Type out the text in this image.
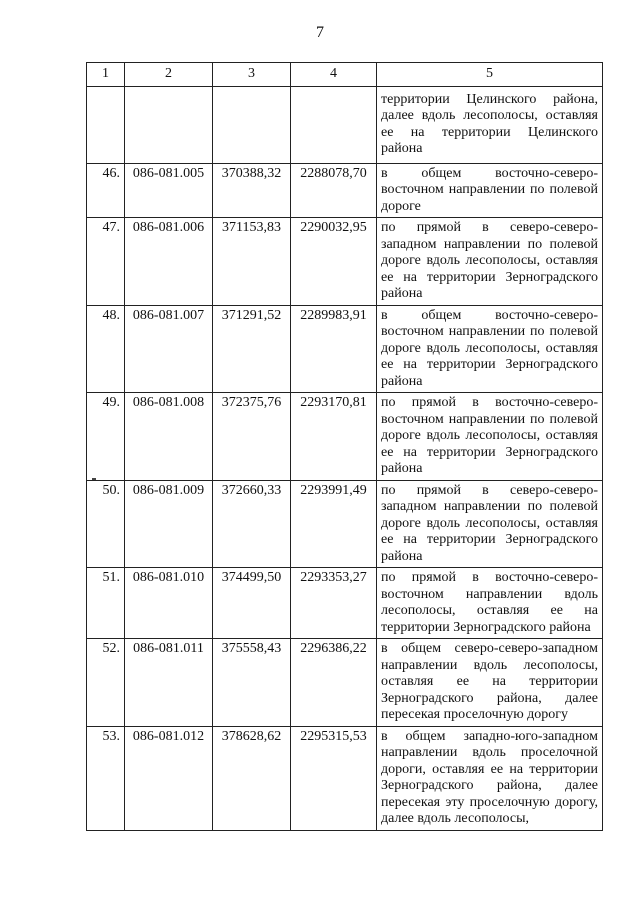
7
1	2	3	4	5
				территории Целинского района, далее вдоль лесополосы, оставляя ее на территории Целинского района
46.	086-081.005	370388,32	2288078,70	в общем восточно-северо-восточном направлении по полевой дороге
47.	086-081.006	371153,83	2290032,95	по прямой в северо-северо-западном направлении по полевой дороге вдоль лесополосы, оставляя ее на территории Зерноградского района
48.	086-081.007	371291,52	2289983,91	в общем восточно-северо-восточном направлении по полевой дороге вдоль лесополосы, оставляя ее на территории Зерноградского района
49.	086-081.008	372375,76	2293170,81	по прямой в восточно-северо-восточном направлении по полевой дороге вдоль лесополосы, оставляя ее на территории Зерноградского района
50.	086-081.009	372660,33	2293991,49	по прямой в северо-северо-западном направлении по полевой дороге вдоль лесополосы, оставляя ее на территории Зерноградского района
51.	086-081.010	374499,50	2293353,27	по прямой в восточно-северо-восточном направлении вдоль лесополосы, оставляя ее на территории Зерноградского района
52.	086-081.011	375558,43	2296386,22	в общем северо-северо-западном направлении вдоль лесополосы, оставляя ее на территории Зерноградского района, далее пересекая проселочную дорогу
53.	086-081.012	378628,62	2295315,53	в общем западно-юго-западном направлении вдоль проселочной дороги, оставляя ее на территории Зерноградского района, далее пересекая эту проселочную дорогу, далее вдоль лесополосы,
